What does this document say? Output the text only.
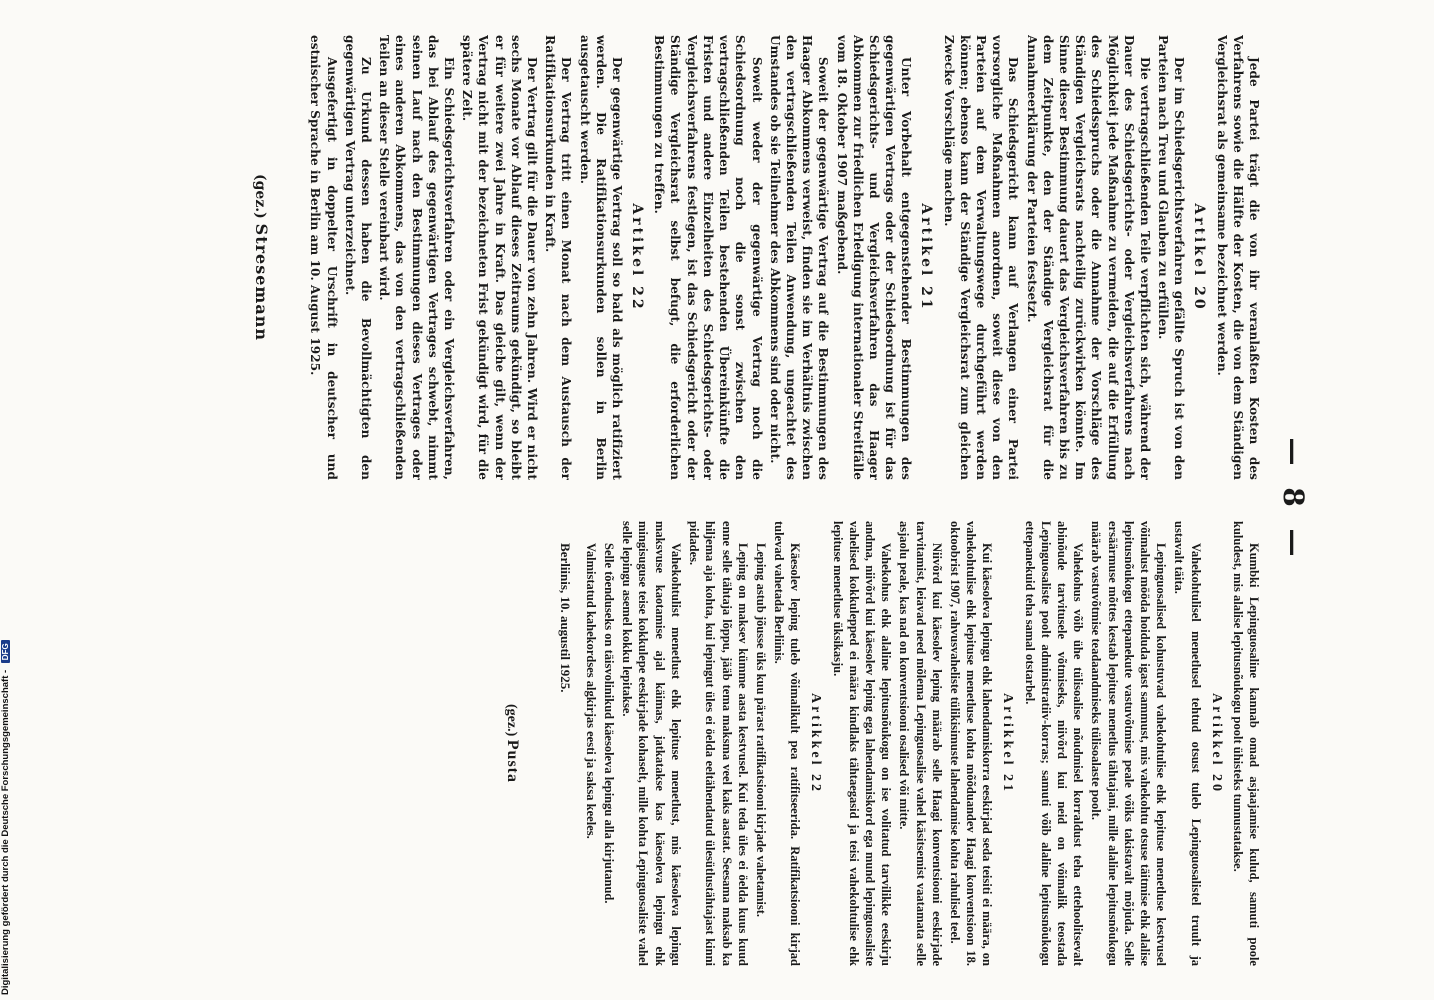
— 8 —

Jede Partei trägt die von ihr veranlaßten Kosten des Verfahrens sowie die Hälfte der Kosten, die von dem Ständigen Vergleichsrat als gemeinsame bezeichnet werden.

Artikel 20

Der im Schiedsgerichtsverfahren gefällte Spruch ist von den Parteien nach Treu und Glauben zu erfüllen.

Die vertragschließenden Teile verpflichten sich, während der Dauer des Schiedsgerichts- oder Vergleichsverfahrens nach Möglichkeit jede Maßnahme zu vermeiden, die auf die Erfüllung des Schiedsspruchs oder die Annahme der Vorschläge des Ständigen Vergleichsrats nachteilig zurückwirken könnte. Im Sinne dieser Bestimmung dauert das Vergleichsverfahren bis zu dem Zeitpunkte, den der Ständige Vergleichsrat für die Annahmeerklärung der Parteien festsetzt.

Das Schiedsgericht kann auf Verlangen einer Partei vorsorgliche Maßnahmen anordnen, soweit diese von den Parteien auf dem Verwaltungswege durchgeführt werden können; ebenso kann der Ständige Vergleichsrat zum gleichen Zwecke Vorschläge machen.

Artikel 21

Unter Vorbehalt entgegenstehender Bestimmungen des gegenwärtigen Vertrags oder der Schiedsordnung ist für das Schiedsgerichts- und Vergleichsverfahren das Haager Abkommen zur friedlichen Erledigung internationaler Streitfälle vom 18. Oktober 1907 maßgebend.

Soweit der gegenwärtige Vertrag auf die Bestimmungen des Haager Abkommens verweist, finden sie im Verhältnis zwischen den vertragschließenden Teilen Anwendung, ungeachtet des Umstandes ob sie Teilnehmer des Abkommens sind oder nicht.

Soweit weder der gegenwärtige Vertrag noch die Schiedsordnung noch die sonst zwischen den vertragschließenden Teilen bestehenden Übereinkünfte die Fristen und andere Einzelheiten des Schiedsgerichts- oder Vergleichsverfahrens festlegen, ist das Schiedsgericht oder der Ständige Vergleichsrat selbst befugt, die erforderlichen Bestimmungen zu treffen.

Artikel 22

Der gegenwärtige Vertrag soll so bald als möglich ratifiziert werden. Die Ratifikationsurkunden sollen in Berlin ausgetauscht werden.

Der Vertrag tritt einen Monat nach dem Austausch der Ratifikationsurkunden in Kraft.

Der Vertrag gilt für die Dauer von zehn Jahren. Wird er nicht sechs Monate vor Ablauf dieses Zeitraums gekündigt, so bleibt er für weitere zwei Jahre in Kraft. Das gleiche gilt, wenn der Vertrag nicht mit der bezeichneten Frist gekündigt wird, für die spätere Zeit.

Ein Schiedsgerichtsverfahren oder ein Vergleichsverfahren, das bei Ablauf des gegenwärtigen Vertrages schwebt, nimmt seinen Lauf nach den Bestimmungen dieses Vertrages oder eines anderen Abkommens, das von den vertragschließenden Teilen an dieser Stelle vereinbart wird.

Zu Urkund dessen haben die Bevollmächtigten den gegenwärtigen Vertrag unterzeichnet.

Ausgefertigt in doppelter Urschrift in deutscher und estnischer Sprache in Berlin am 10. August 1925.

(gez.) Stresemann

Kumbki Lepinguosaline kannab omad asjaajamise kulud, samuti poole kuludest, mis alalise lepitusnõukogu poolt ühisteks tunnustatakse.

Artikkel 20

Vahekohtulisel menetlusel tehtud otsust tuleb Lepinguosalistel truult ja ustavalt täita.

Lepinguosalised kohustuvad vahekohtulise ehk lepituse menetluse kestvusel võimalust mööda hoiduda igast sammust, mis vahekohtu otsuse täitmise ehk alalise lepitusnõukogu ettepanekute vastuvõtmise peale võiks takistavalt mõjuda. Selle ersäärmuse mõttes kestab lepituse menetlus tähtajani, mille alaline lepitusnõukogu määrab vastuvõtmise teadaandmiseks tülisoalaste poolt.

Vahekohus võib ühe tülisoalise nõudmisel korraldust teha ettehoolitsevalt abinõude tarvitusele võtmiseks, niivõrd kui neid on võimalik teostada Lepinguosaliste poolt administratiiv-korras; samuti võib alaline lepitusnõukogu ettepanekuid teha samal otstarbel.

Artikkel 21

Kui käesoleva lepingu ehk lahendamiskorra eeskirjad seda teisiti ei määra, on vahekohtulise ehk lepituse menetluse kohta mõõduandev Haagi konventsioon 18. oktoobrist 1907, rahvusvaheliste tülikisimuste lahendamise kohta rahulisel teel.

Niivõrd kui käesolev leping määrab selle Haagi konventsiooni eeskirjade tarvitamist, leiavad need mõlema Lepinguosalise vahel käsitsemist vaatamata selle asjaolu peale, kas nad on konventsiooni osalised või mitte.

Vahekohus ehk alaline lepitusnõukogu on ise volitatud tarvilikke eeskirju andma, niivõrd kui käesolev leping ega lahendamiskord ega mund lepinguosaliste vahelised kokkulepped ei määra kindlaks tähtaegasid ja teisi vahekohtulise ehk lepituse menetluse üksikasju.

Artikkel 22

Käesolev leping tuleb võimalikult pea ratifitseerida. Ratifikatsiooni kirjad tulevad vahetada Berliinis.

Leping astub jõusse üks kuu pärast ratifikatsiooni kirjade vahetamist.

Leping on maksev kümme aasta kestvusel. Kui teda üles ei öelda kuus kuud enne selle tähtaja lõppu, jääb tema maksma veel kaks aastat. Seesama maksab ka hiljema aja kohta, kui lepingut üles ei öelda eeltähendatud ülesütlustähtajast kinni pidades.

Vahekohtulist menetlust ehk lepituse menetlust, mis käesoleva lepingu maksvuse kaotamise ajal käimas, jatkatakse kas käesoleva lepingu ehk mingisuguse teise kokkulepe eeskirjade kohaselt, mille kohta Lepinguosaliste vahel selle lepingu asemel kokku lepitakse.

Selle tõenduseks on täisvolinikud käesoleva lepingu alla kirjutanud.

Valmistatud kahekordses algkirjas eesti ja saksa keeles.

Berliinis, 10. augustil 1925.
(gez.) Pusta
Digitalisierung gefördert durch die Deutsche Forschungsgemeinschaft - DFG
